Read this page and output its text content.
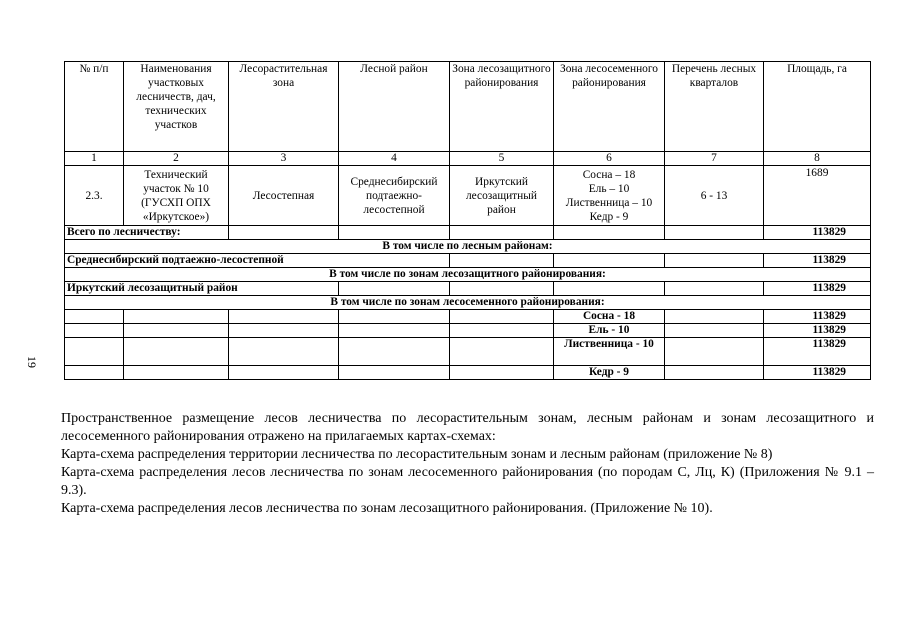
19
№ п/п	Наименования участковых лесничеств, дач, технических участков	Лесорастительная зона	Лесной район	Зона лесозащитного районирования	Зона лесосеменного районирования	Перечень лесных кварталов	Площадь, га
1	2	3	4	5	6	7	8
2.3.	Технический участок № 10 (ГУСХП ОПХ «Иркутское»)	Лесостепная	Среднесибирский подтаежно-лесостепной	Иркутский лесозащитный район	Сосна – 18
Ель – 10
Лиственница – 10
Кедр - 9	6 - 13	1689
Всего по лесничеству:							113829
В том числе по лесным районам:							
Среднесибирский подтаежно-лесостепной							113829
В том числе по зонам лесозащитного районирования:							
Иркутский лесозащитный район							113829
В том числе по зонам лесосеменного районирования:							
					Сосна - 18		113829
					Ель - 10		113829
					Лиственница - 10		113829
					Кедр - 9		113829

Пространственное размещение лесов лесничества по лесорастительным зонам, лесным районам и зонам лесозащитного и лесосеменного районирования отражено на прилагаемых картах-схемах:

Карта-схема распределения территории лесничества по лесорастительным зонам и лесным районам (приложение № 8)

Карта-схема распределения лесов лесничества по зонам лесосеменного районирования (по породам С, Лц, К) (Приложения № 9.1 – 9.3).

Карта-схема распределения лесов лесничества по зонам лесозащитного районирования. (Приложение № 10).
